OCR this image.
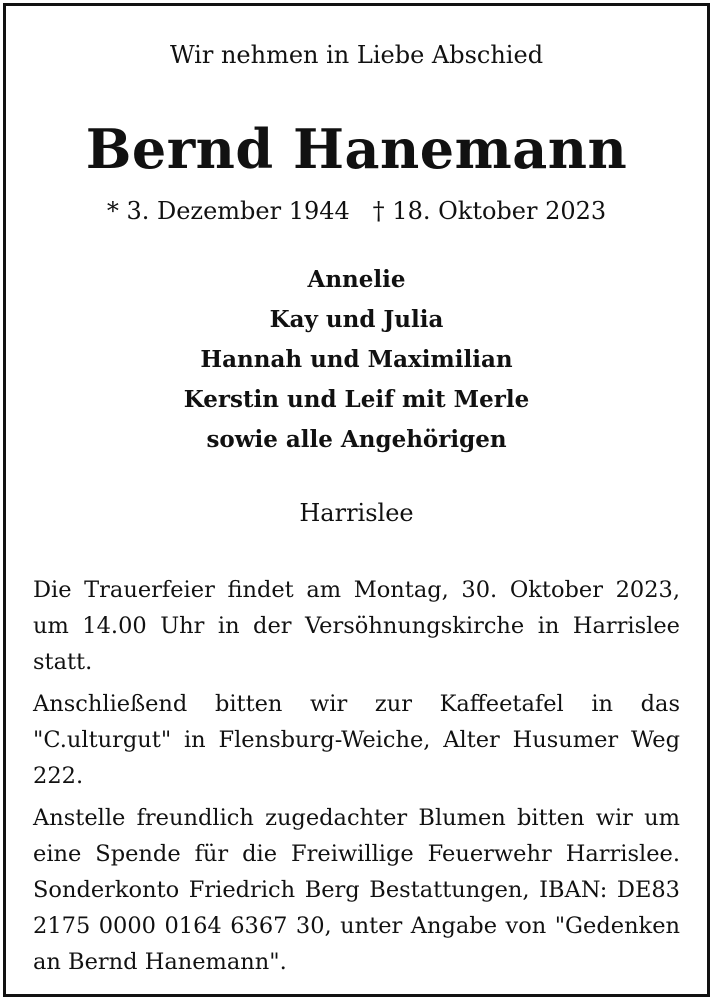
Wir nehmen in Liebe Abschied
Bernd Hanemann
* 3. Dezember 1944   † 18. Oktober 2023
Annelie
Kay und Julia
Hannah und Maximilian
Kerstin und Leif mit Merle
sowie alle Angehörigen
Harrislee

Die Trauerfeier findet am Montag, 30. Oktober 2023, um 14.00 Uhr in der Versöhnungskirche in Harrislee statt.

Anschließend bitten wir zur Kaffeetafel in das "C.ulturgut" in Flensburg-Weiche, Alter Husumer Weg 222.

Anstelle freundlich zugedachter Blumen bitten wir um eine Spende für die Freiwillige Feuerwehr Harrislee. Sonderkonto Friedrich Berg Bestattungen, IBAN: DE83 2175 0000 0164 6367 30, unter Angabe von "Gedenken an Bernd Hanemann".
